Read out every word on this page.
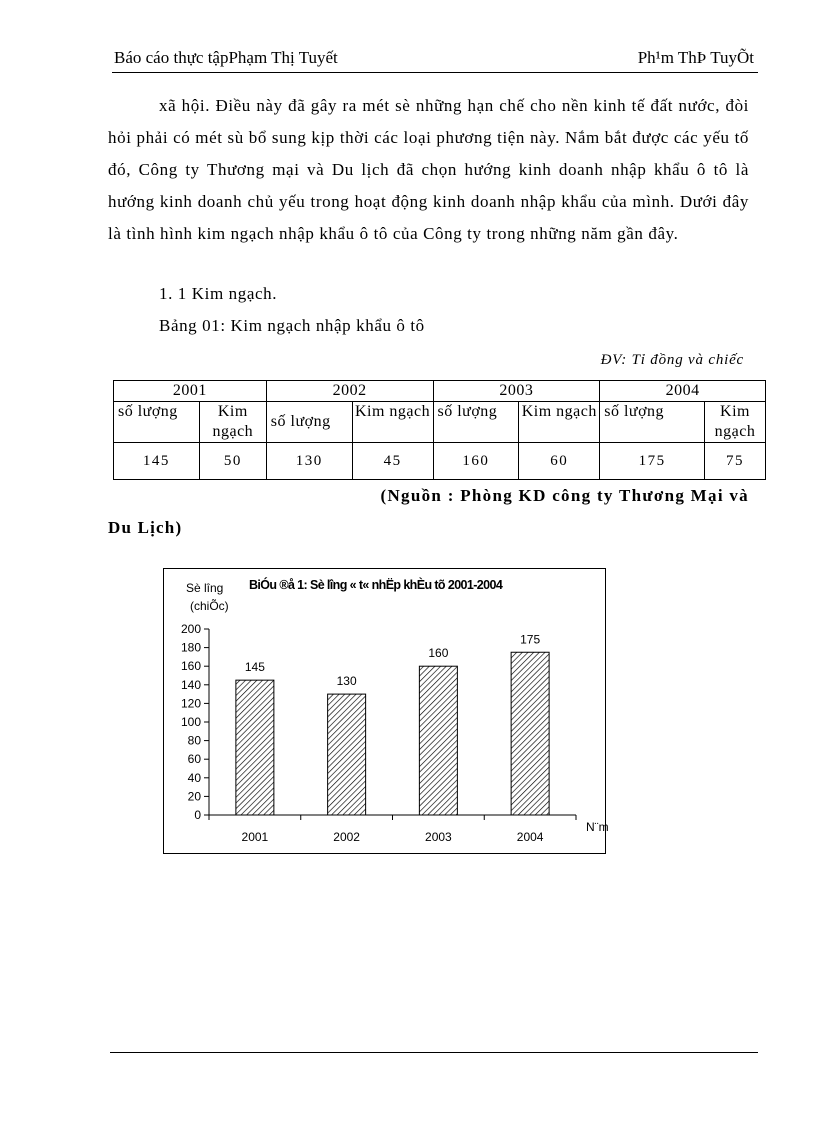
Báo cáo thực tậpPhạm Thị Tuyết	Ph¹m ThÞ TuyÕt

xã hội. Điều này đã gây ra mét sè những hạn chế cho nền kinh tế đất nước, đòi hỏi phải có mét sù bổ sung kịp thời các loại phương tiện này. Nắm bắt được các yếu tố đó, Công ty Thương mại và Du lịch đã chọn hướng kinh doanh nhập khẩu ô tô là hướng kinh doanh chủ yếu trong hoạt động kinh doanh nhập khẩu của mình. Dưới đây là tình hình kim ngạch nhập khẩu ô tô của Công ty trong những năm gần đây.

1. 1 Kim ngạch.
Bảng 01: Kim ngạch nhập khẩu ô tô
ĐV: Tỉ đồng và chiếc
2001		2002		2003		2004	
số lượng	Kim ngạch	số lượng	Kim ngạch	số lượng	Kim ngạch	số lượng	Kim ngạch
145	50	130	45	160	60	175	75
(Nguồn : Phòng KD công ty Thương Mại và
Du Lịch)
BiÓu ®å 1: Sè lîng « t« nhËp khÈu tõ 2001-2004
Sè lîng
(chiÕc)
N¨m
0
20
40
60
80
100
120
140
160
180
200
145
2001
130
2002
160
2003
175
2004
